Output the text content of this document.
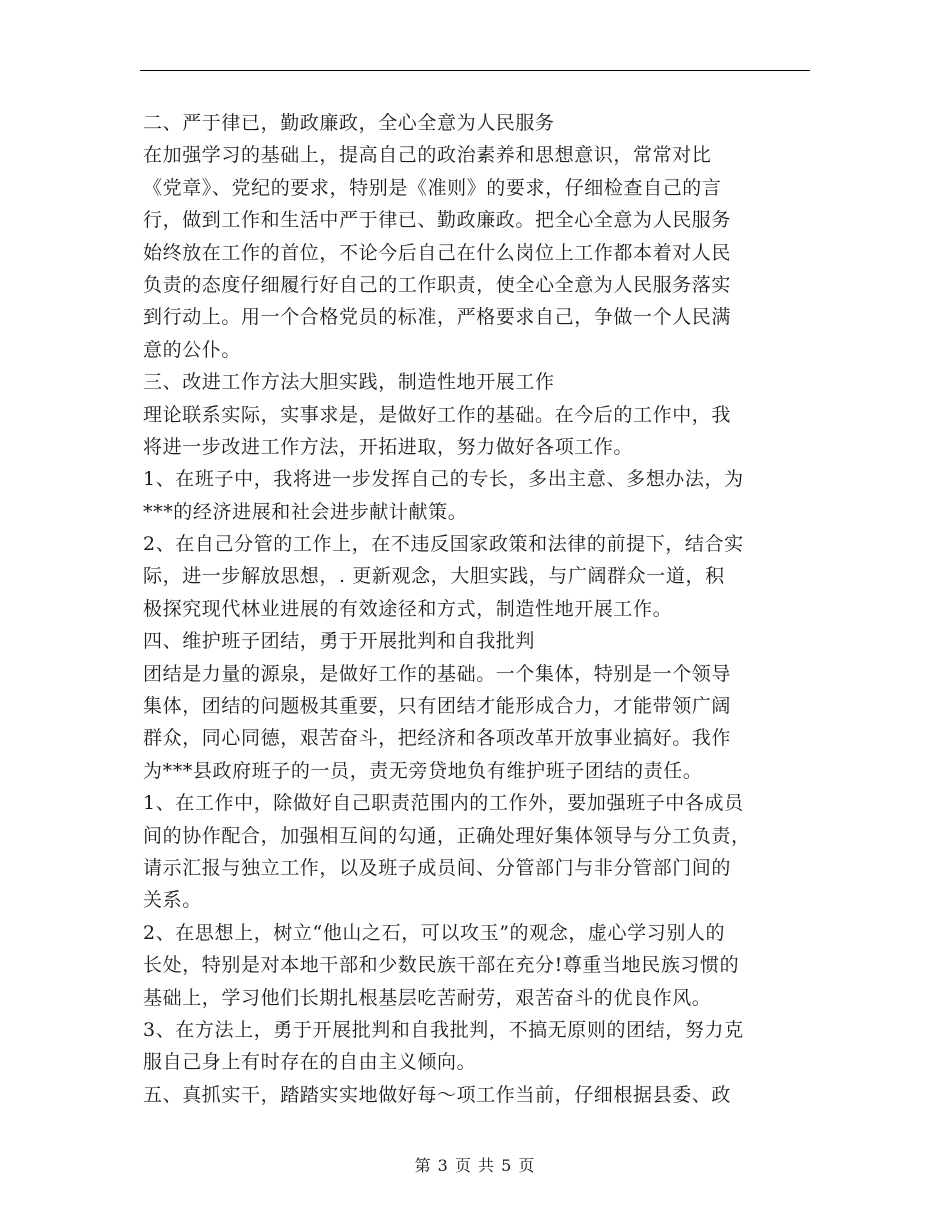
二、严于律已，勤政廉政，全心全意为人民服务
在加强学习的基础上，提高自己的政治素养和思想意识，常常对比
《党章》、党纪的要求，特别是《准则》的要求，仔细检查自己的言
行，做到工作和生活中严于律已、勤政廉政。把全心全意为人民服务
始终放在工作的首位，不论今后自己在什么岗位上工作都本着对人民
负责的态度仔细履行好自己的工作职责，使全心全意为人民服务落实
到行动上。用一个合格党员的标准，严格要求自己，争做一个人民满
意的公仆。
三、改进工作方法大胆实践，制造性地开展工作
理论联系实际，实事求是，是做好工作的基础。在今后的工作中，我
将进一步改进工作方法，开拓进取，努力做好各项工作。
1、在班子中，我将进一步发挥自己的专长，多出主意、多想办法，为
***的经济进展和社会进步献计献策。
2、在自己分管的工作上，在不违反国家政策和法律的前提下，结合实
际，进一步解放思想，. 更新观念，大胆实践，与广阔群众一道，积
极探究现代林业进展的有效途径和方式，制造性地开展工作。
四、维护班子团结，勇于开展批判和自我批判
团结是力量的源泉，是做好工作的基础。一个集体，特别是一个领导
集体，团结的问题极其重要，只有团结才能形成合力，才能带领广阔
群众，同心同德，艰苦奋斗，把经济和各项改革开放事业搞好。我作
为***县政府班子的一员，责无旁贷地负有维护班子团结的责任。
1、在工作中，除做好自己职责范围内的工作外，要加强班子中各成员
间的协作配合，加强相互间的勾通，正确处理好集体领导与分工负责，
请示汇报与独立工作，以及班子成员间、分管部门与非分管部门间的
关系。
2、在思想上，树立“他山之石，可以攻玉”的观念，虚心学习别人的
长处，特别是对本地干部和少数民族干部在充分!尊重当地民族习惯的
基础上，学习他们长期扎根基层吃苦耐劳，艰苦奋斗的优良作风。
3、在方法上，勇于开展批判和自我批判，不搞无原则的团结，努力克
服自己身上有时存在的自由主义倾向。
五、真抓实干，踏踏实实地做好每～项工作当前，仔细根据县委、政
第 3 页 共 5 页
